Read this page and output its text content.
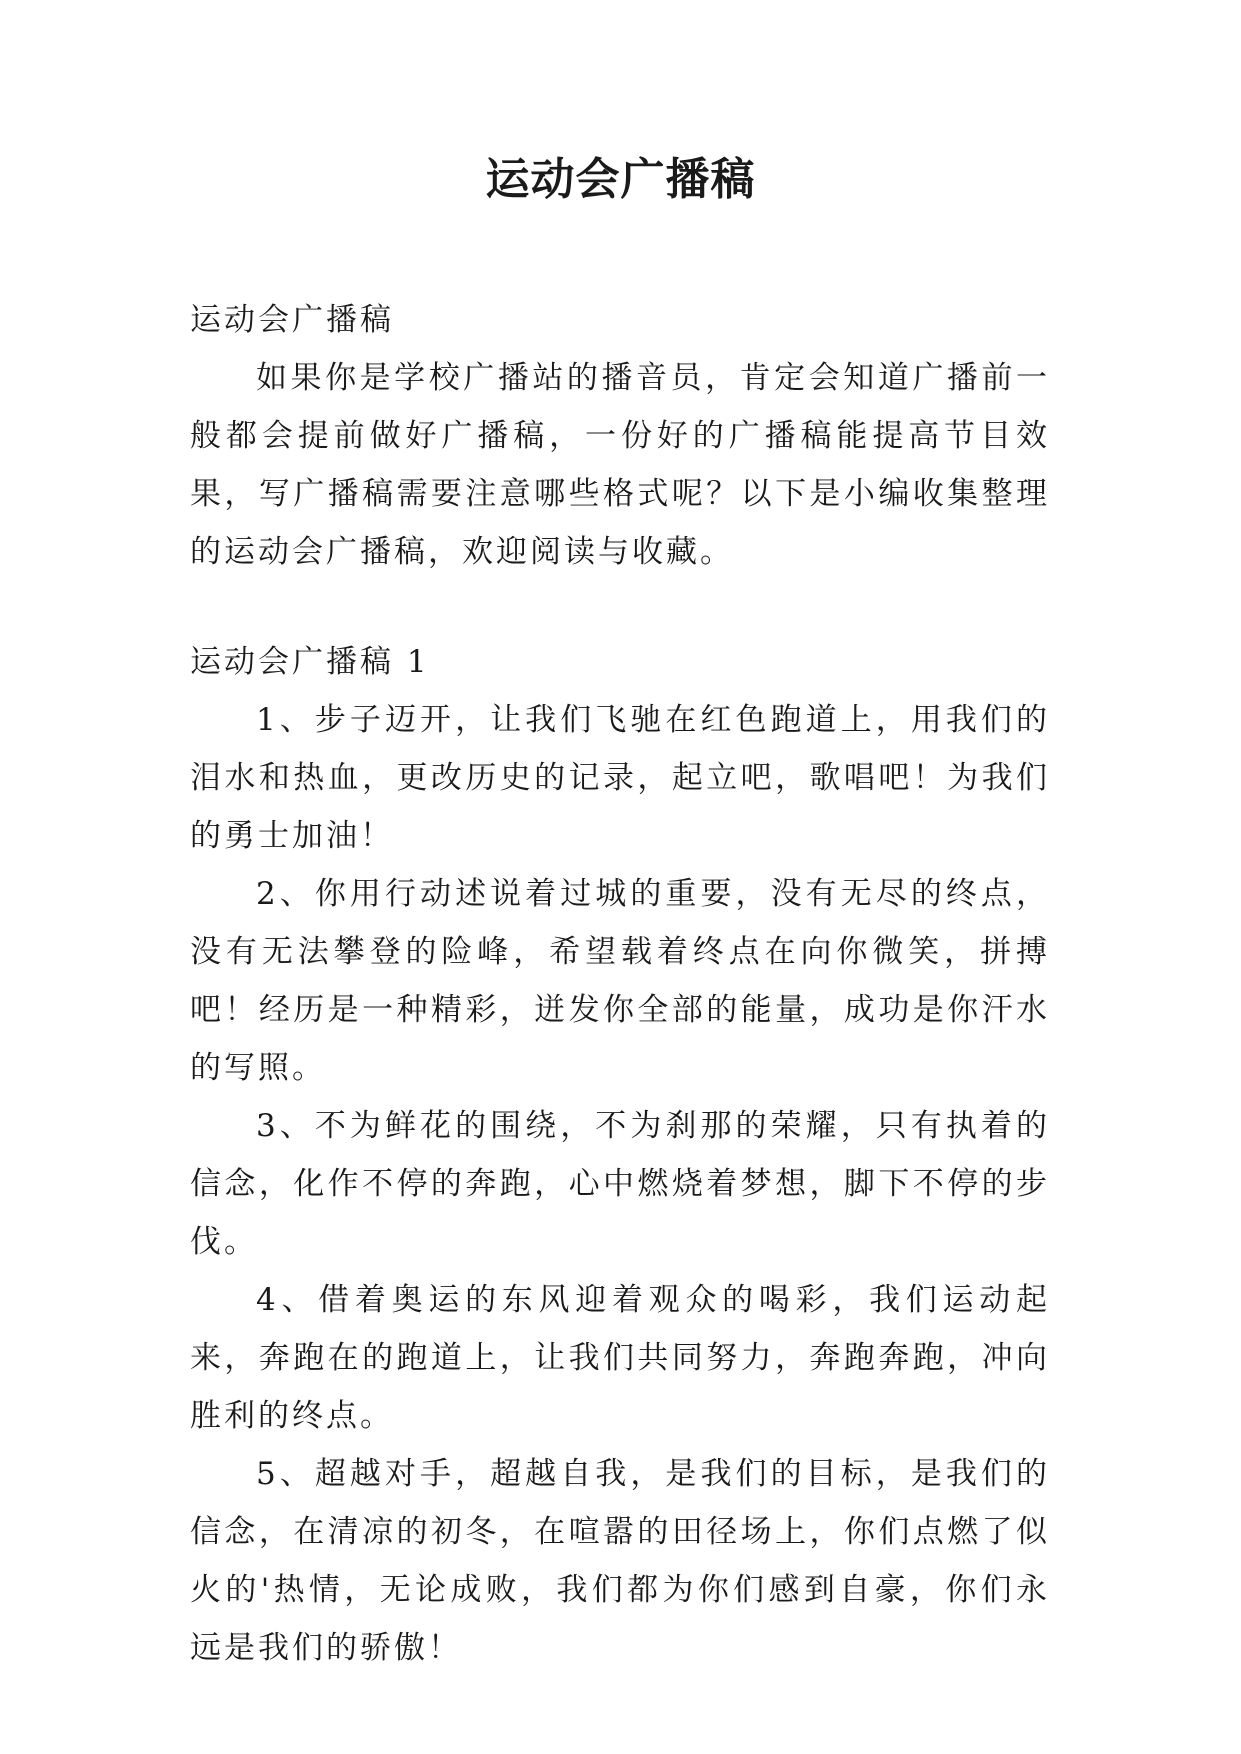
运动会广播稿

运动会广播稿

如果你是学校广播站的播音员，肯定会知道广播前一般都会提前做好广播稿，一份好的广播稿能提高节目效果，写广播稿需要注意哪些格式呢？以下是小编收集整理的运动会广播稿，欢迎阅读与收藏。

运动会广播稿 1

1、步子迈开，让我们飞驰在红色跑道上，用我们的泪水和热血，更改历史的记录，起立吧，歌唱吧！为我们的勇士加油！

2、你用行动述说着过城的重要，没有无尽的终点，没有无法攀登的险峰，希望载着终点在向你微笑，拼搏吧！经历是一种精彩，迸发你全部的能量，成功是你汗水的写照。

3、不为鲜花的围绕，不为刹那的荣耀，只有执着的信念，化作不停的奔跑，心中燃烧着梦想，脚下不停的步伐。

4、借着奥运的东风迎着观众的喝彩，我们运动起来，奔跑在的跑道上，让我们共同努力，奔跑奔跑，冲向胜利的终点。

5、超越对手，超越自我，是我们的目标，是我们的信念，在清凉的初冬，在喧嚣的田径场上，你们点燃了似火的'热情，无论成败，我们都为你们感到自豪，你们永远是我们的骄傲！
